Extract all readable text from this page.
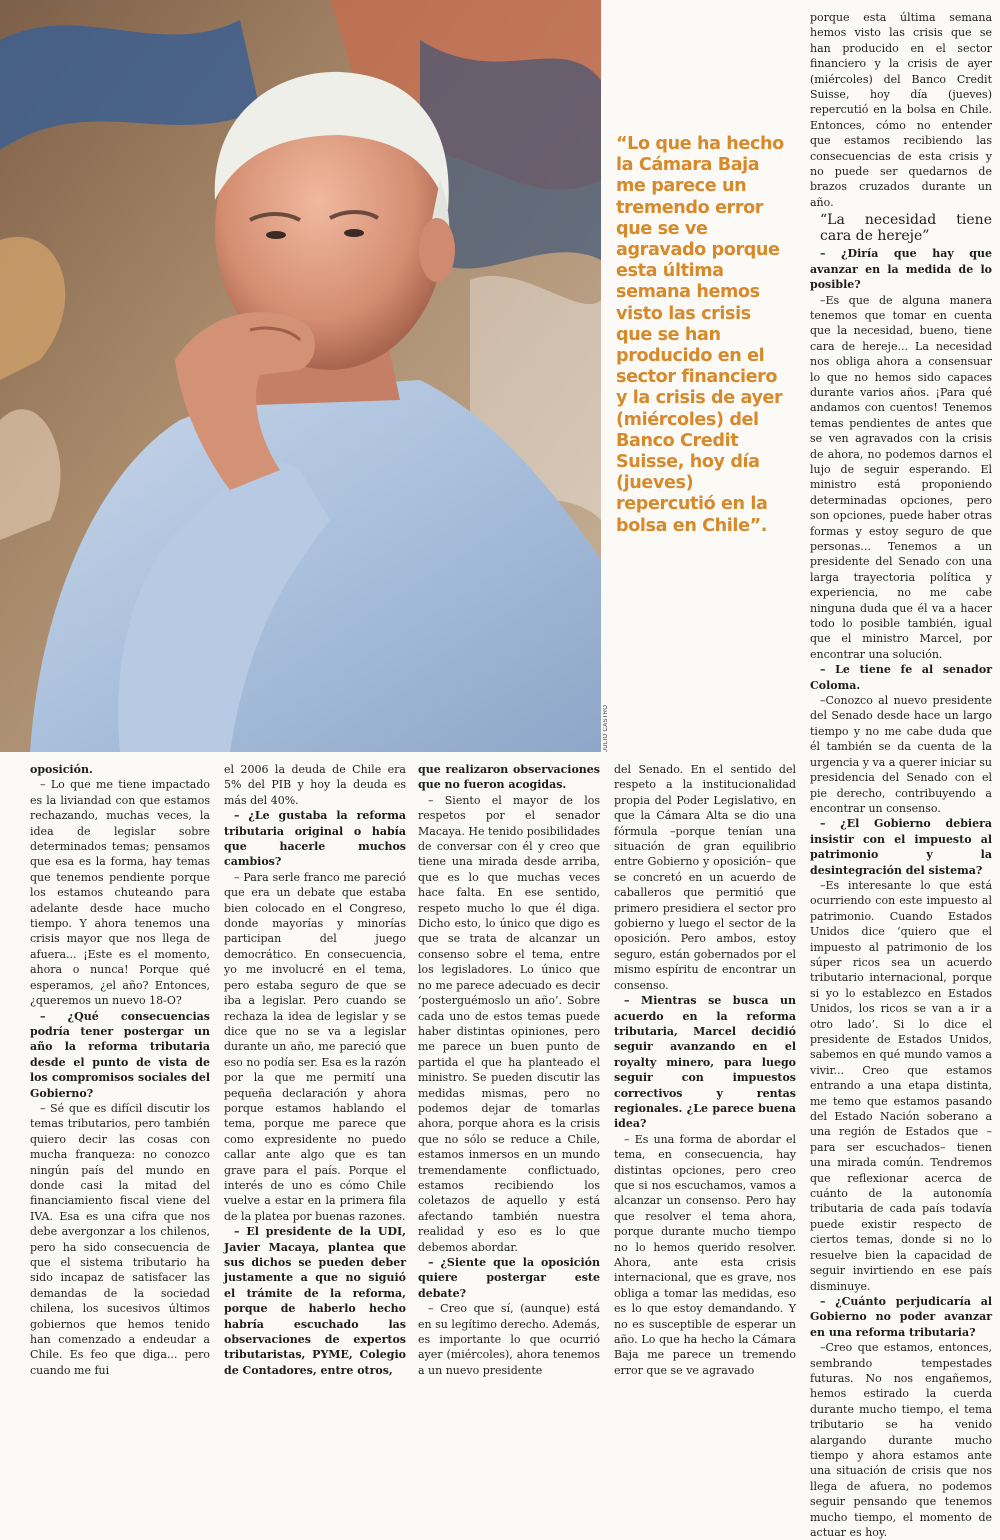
JULIO CASTRO
“Lo que ha hecho la Cámara Baja me parece un tremendo error que se ve agravado porque esta última semana hemos visto las crisis que se han producido en el sector financiero y la crisis de ayer (miércoles) del Banco Credit Suisse, hoy día (jueves) repercutió en la bolsa en Chile”.

porque esta última semana hemos visto las crisis que se han producido en el sector financiero y la crisis de ayer (miércoles) del Banco Credit Suisse, hoy día (jueves) repercutió en la bolsa en Chile. Entonces, cómo no entender que estamos recibiendo las consecuencias de esta crisis y no puede ser quedarnos de brazos cruzados durante un año.

“La necesidad tiene cara de hereje”

– ¿Diría que hay que avanzar en la medida de lo posible?

–Es que de alguna manera tenemos que tomar en cuenta que la necesidad, bueno, tiene cara de hereje... La necesidad nos obliga ahora a consensuar lo que no hemos sido capaces durante varios años. ¡Para qué andamos con cuentos! Tenemos temas pendientes de antes que se ven agravados con la crisis de ahora, no podemos darnos el lujo de seguir esperando. El ministro está proponiendo determinadas opciones, pero son opciones, puede haber otras formas y estoy seguro de que personas... Tenemos a un presidente del Senado con una larga trayectoria política y experiencia, no me cabe ninguna duda que él va a hacer todo lo posible también, igual que el ministro Marcel, por encontrar una solución.

– Le tiene fe al senador Coloma.

–Conozco al nuevo presidente del Senado desde hace un largo tiempo y no me cabe duda que él también se da cuenta de la urgencia y va a querer iniciar su presidencia del Senado con el pie derecho, contribuyendo a encontrar un consenso.

– ¿El Gobierno debiera insistir con el impuesto al patrimonio y la desintegración del sistema?

–Es interesante lo que está ocurriendo con este impuesto al patrimonio. Cuando Estados Unidos dice ‘quiero que el impuesto al patrimonio de los súper ricos sea un acuerdo tributario internacional, porque si yo lo establezco en Estados Unidos, los ricos se van a ir a otro lado’. Si lo dice el presidente de Estados Unidos, sabemos en qué mundo vamos a vivir... Creo que estamos entrando a una etapa distinta, me temo que estamos pasando del Estado Nación soberano a una región de Estados que –para ser escuchados– tienen una mirada común. Tendremos que reflexionar acerca de cuánto de la autonomía tributaria de cada país todavía puede existir respecto de ciertos temas, donde si no lo resuelve bien la capacidad de seguir invirtiendo en ese país disminuye.

– ¿Cuánto perjudicaría al Gobierno no poder avanzar en una reforma tributaria?

–Creo que estamos, entonces, sembrando tempestades futuras. No nos engañemos, hemos estirado la cuerda durante mucho tiempo, el tema tributario se ha venido alargando durante mucho tiempo y ahora estamos ante una situación de crisis que nos llega de afuera, no podemos seguir pensando que tenemos mucho tiempo, el momento de actuar es hoy.

oposición.

– Lo que me tiene impactado es la liviandad con que estamos rechazando, muchas veces, la idea de legislar sobre determinados temas; pensamos que esa es la forma, hay temas que tenemos pendiente porque los estamos chuteando para adelante desde hace mucho tiempo. Y ahora tenemos una crisis mayor que nos llega de afuera... ¡Este es el momento, ahora o nunca! Porque qué esperamos, ¿el año? Entonces, ¿queremos un nuevo 18-O?

– ¿Qué consecuencias podría tener postergar un año la reforma tributaria desde el punto de vista de los compromisos sociales del Gobierno?

– Sé que es difícil discutir los temas tributarios, pero también quiero decir las cosas con mucha franqueza: no conozco ningún país del mundo en donde casi la mitad del financiamiento fiscal viene del IVA. Esa es una cifra que nos debe avergonzar a los chilenos, pero ha sido consecuencia de que el sistema tributario ha sido incapaz de satisfacer las demandas de la sociedad chilena, los sucesivos últimos gobiernos que hemos tenido han comenzado a endeudar a Chile. Es feo que diga... pero cuando me fui

el 2006 la deuda de Chile era 5% del PIB y hoy la deuda es más del 40%.

– ¿Le gustaba la reforma tributaria original o había que hacerle muchos cambios?

– Para serle franco me pareció que era un debate que estaba bien colocado en el Congreso, donde mayorías y minorías participan del juego democrático. En consecuencia, yo me involucré en el tema, pero estaba seguro de que se iba a legislar. Pero cuando se rechaza la idea de legislar y se dice que no se va a legislar durante un año, me pareció que eso no podía ser. Esa es la razón por la que me permití una pequeña declaración y ahora porque estamos hablando el tema, porque me parece que como expresidente no puedo callar ante algo que es tan grave para el país. Porque el interés de uno es cómo Chile vuelve a estar en la primera fila de la platea por buenas razones.

– El presidente de la UDI, Javier Macaya, plantea que sus dichos se pueden deber justamente a que no siguió el trámite de la reforma, porque de haberlo hecho habría escuchado las observaciones de expertos tributaristas, PYME, Colegio de Contadores, entre otros,

que realizaron observaciones que no fueron acogidas.

– Siento el mayor de los respetos por el senador Macaya. He tenido posibilidades de conversar con él y creo que tiene una mirada desde arriba, que es lo que muchas veces hace falta. En ese sentido, respeto mucho lo que él diga. Dicho esto, lo único que digo es que se trata de alcanzar un consenso sobre el tema, entre los legisladores. Lo único que no me parece adecuado es decir ‘posterguémoslo un año’. Sobre cada uno de estos temas puede haber distintas opiniones, pero me parece un buen punto de partida el que ha planteado el ministro. Se pueden discutir las medidas mismas, pero no podemos dejar de tomarlas ahora, porque ahora es la crisis que no sólo se reduce a Chile, estamos inmersos en un mundo tremendamente conflictuado, estamos recibiendo los coletazos de aquello y está afectando también nuestra realidad y eso es lo que debemos abordar.

– ¿Siente que la oposición quiere postergar este debate?

– Creo que sí, (aunque) está en su legítimo derecho. Además, es importante lo que ocurrió ayer (miércoles), ahora tenemos a un nuevo presidente

del Senado. En el sentido del respeto a la institucionalidad propia del Poder Legislativo, en que la Cámara Alta se dio una fórmula –porque tenían una situación de gran equilibrio entre Gobierno y oposición– que se concretó en un acuerdo de caballeros que permitió que primero presidiera el sector pro gobierno y luego el sector de la oposición. Pero ambos, estoy seguro, están gobernados por el mismo espíritu de encontrar un consenso.

– Mientras se busca un acuerdo en la reforma tributaria, Marcel decidió seguir avanzando en el royalty minero, para luego seguir con impuestos correctivos y rentas regionales. ¿Le parece buena idea?

– Es una forma de abordar el tema, en consecuencia, hay distintas opciones, pero creo que si nos escuchamos, vamos a alcanzar un consenso. Pero hay que resolver el tema ahora, porque durante mucho tiempo no lo hemos querido resolver. Ahora, ante esta crisis internacional, que es grave, nos obliga a tomar las medidas, eso es lo que estoy demandando. Y no es susceptible de esperar un año. Lo que ha hecho la Cámara Baja me parece un tremendo error que se ve agravado
